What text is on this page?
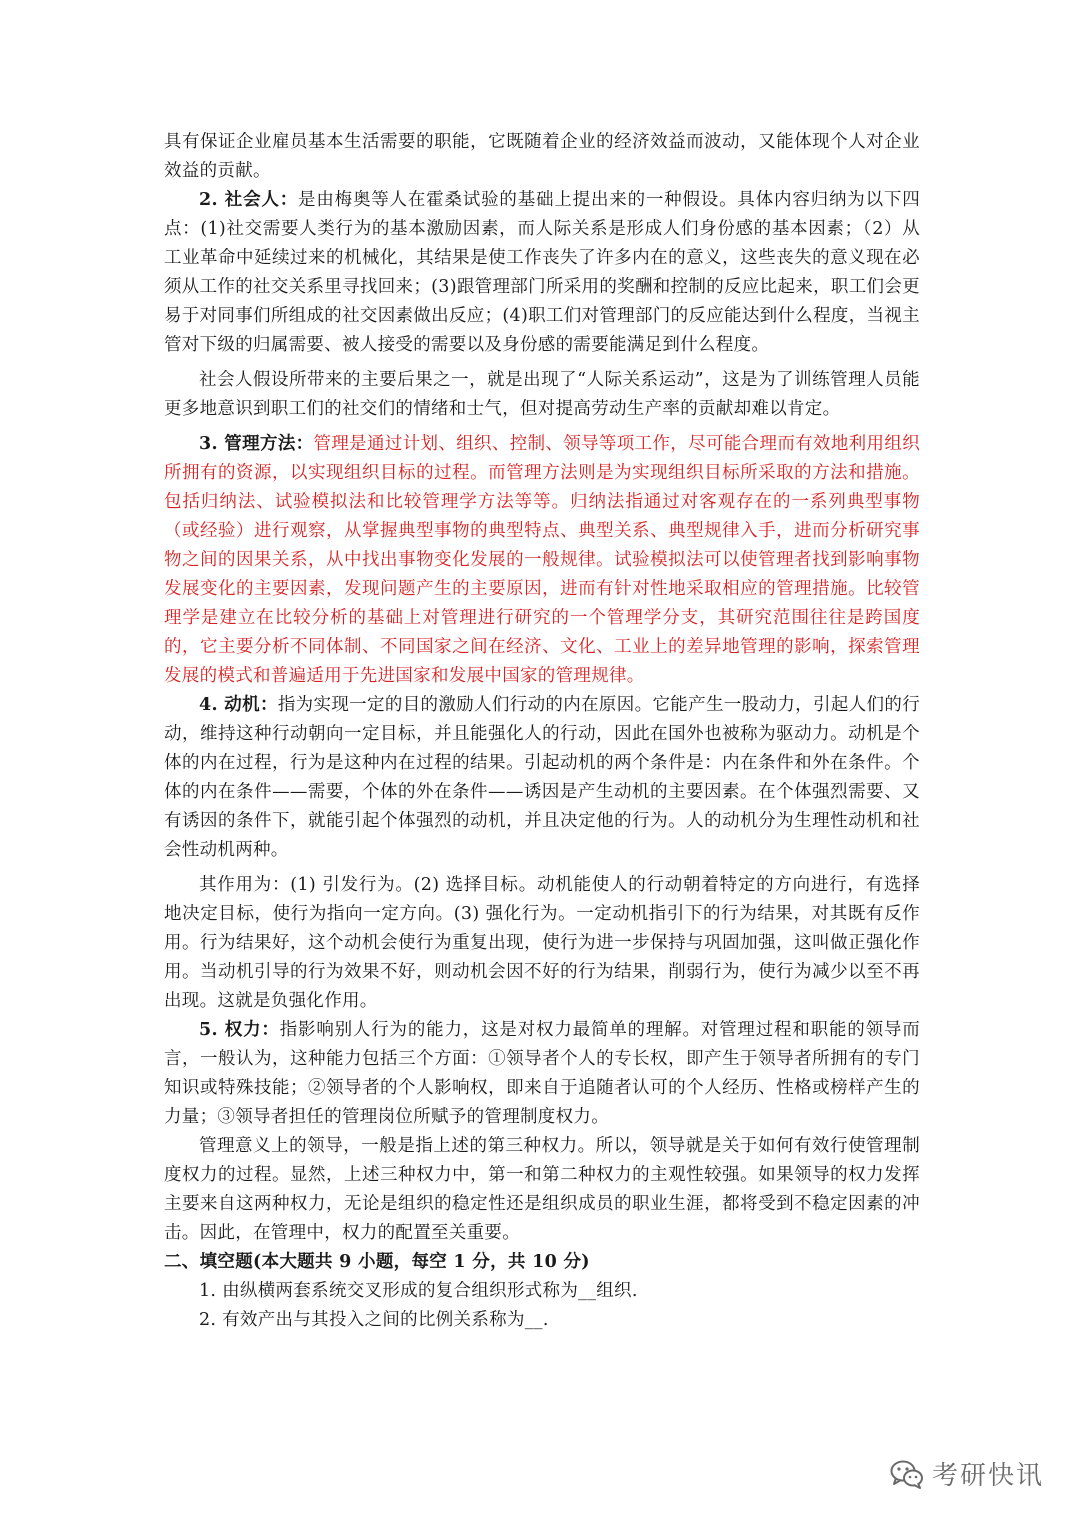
具有保证企业雇员基本生活需要的职能，它既随着企业的经济效益而波动，又能体现个人对企业效益的贡献。

2. 社会人：是由梅奥等人在霍桑试验的基础上提出来的一种假设。具体内容归纳为以下四点：(1)社交需要人类行为的基本激励因素，而人际关系是形成人们身份感的基本因素；（2）从工业革命中延续过来的机械化，其结果是使工作丧失了许多内在的意义，这些丧失的意义现在必须从工作的社交关系里寻找回来；(3)跟管理部门所采用的奖酬和控制的反应比起来，职工们会更易于对同事们所组成的社交因素做出反应；(4)职工们对管理部门的反应能达到什么程度，当视主管对下级的归属需要、被人接受的需要以及身份感的需要能满足到什么程度。

社会人假设所带来的主要后果之一，就是出现了“人际关系运动”，这是为了训练管理人员能更多地意识到职工们的社交们的情绪和士气，但对提高劳动生产率的贡献却难以肯定。

3. 管理方法：管理是通过计划、组织、控制、领导等项工作，尽可能合理而有效地利用组织所拥有的资源，以实现组织目标的过程。而管理方法则是为实现组织目标所采取的方法和措施。包括归纳法、试验模拟法和比较管理学方法等等。归纳法指通过对客观存在的一系列典型事物（或经验）进行观察，从掌握典型事物的典型特点、典型关系、典型规律入手，进而分析研究事物之间的因果关系，从中找出事物变化发展的一般规律。试验模拟法可以使管理者找到影响事物发展变化的主要因素，发现问题产生的主要原因，进而有针对性地采取相应的管理措施。比较管理学是建立在比较分析的基础上对管理进行研究的一个管理学分支，其研究范围往往是跨国度的，它主要分析不同体制、不同国家之间在经济、文化、工业上的差异地管理的影响，探索管理发展的模式和普遍适用于先进国家和发展中国家的管理规律。

4. 动机：指为实现一定的目的激励人们行动的内在原因。它能产生一股动力，引起人们的行动，维持这种行动朝向一定目标，并且能强化人的行动，因此在国外也被称为驱动力。动机是个体的内在过程，行为是这种内在过程的结果。引起动机的两个条件是：内在条件和外在条件。个体的内在条件——需要，个体的外在条件——诱因是产生动机的主要因素。在个体强烈需要、又有诱因的条件下，就能引起个体强烈的动机，并且决定他的行为。人的动机分为生理性动机和社会性动机两种。

其作用为：(1) 引发行为。(2) 选择目标。动机能使人的行动朝着特定的方向进行，有选择地决定目标，使行为指向一定方向。(3) 强化行为。一定动机指引下的行为结果，对其既有反作用。行为结果好，这个动机会使行为重复出现，使行为进一步保持与巩固加强，这叫做正强化作用。当动机引导的行为效果不好，则动机会因不好的行为结果，削弱行为，使行为减少以至不再出现。这就是负强化作用。

5. 权力：指影响别人行为的能力，这是对权力最简单的理解。对管理过程和职能的领导而言，一般认为，这种能力包括三个方面：①领导者个人的专长权，即产生于领导者所拥有的专门知识或特殊技能；②领导者的个人影响权，即来自于追随者认可的个人经历、性格或榜样产生的力量；③领导者担任的管理岗位所赋予的管理制度权力。

管理意义上的领导，一般是指上述的第三种权力。所以，领导就是关于如何有效行使管理制度权力的过程。显然，上述三种权力中，第一和第二种权力的主观性较强。如果领导的权力发挥主要来自这两种权力，无论是组织的稳定性还是组织成员的职业生涯，都将受到不稳定因素的冲击。因此，在管理中，权力的配置至关重要。

二、填空题(本大题共 9 小题，每空 1 分，共 10 分)

1. 由纵横两套系统交叉形成的复合组织形式称为__组织.

2. 有效产出与其投入之间的比例关系称为__.

考研快讯
